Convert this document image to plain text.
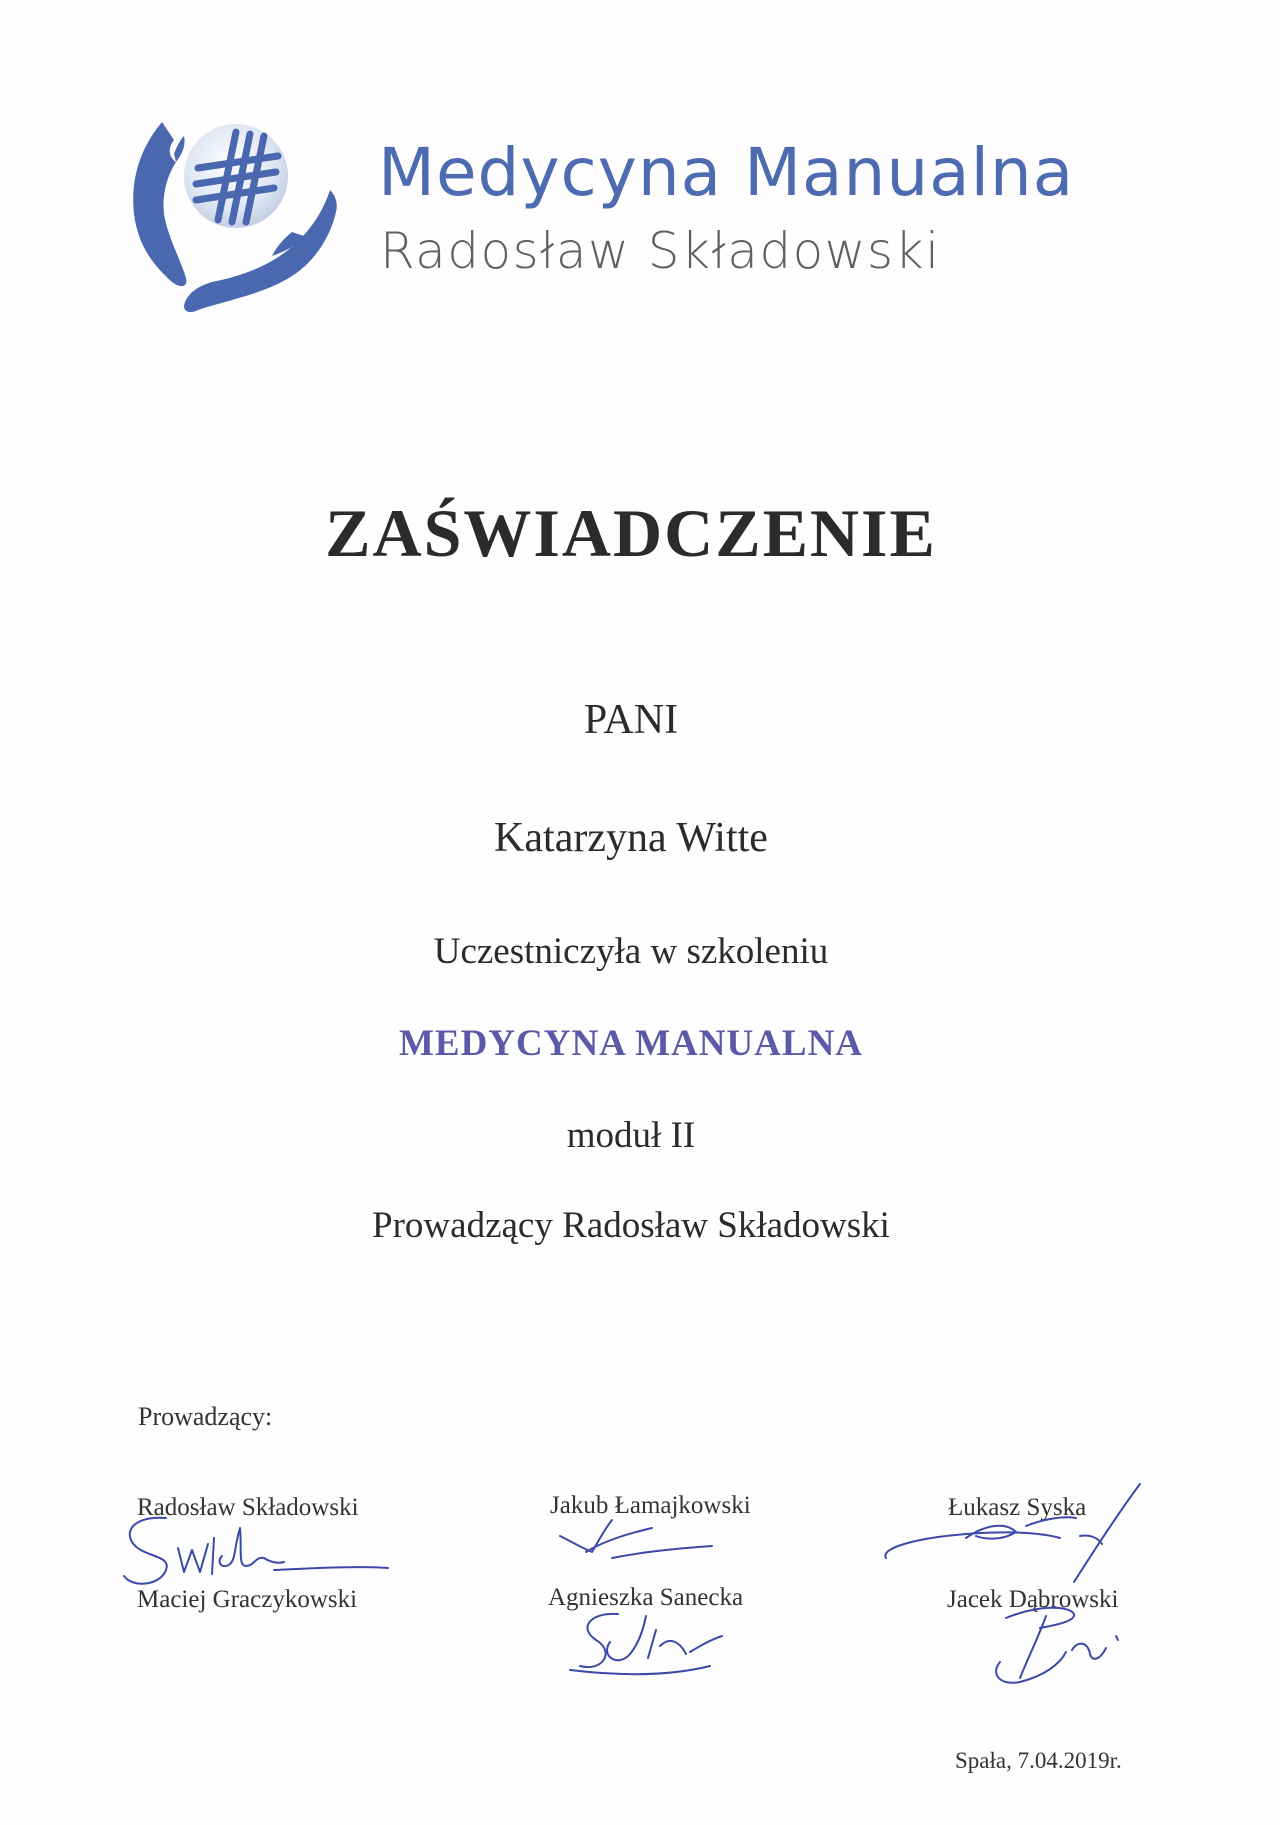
Medycyna Manualna
Radosław Składowski
ZAŚWIADCZENIE
PANI
Katarzyna Witte
Uczestniczyła w szkoleniu
MEDYCYNA MANUALNA
moduł II
Prowadzący Radosław Składowski
Prowadzący:
Radosław Składowski	Jakub Łamajkowski	Łukasz Syska
Maciej Graczykowski	Agnieszka Sanecka	Jacek Dąbrowski
Spała, 7.04.2019r.
